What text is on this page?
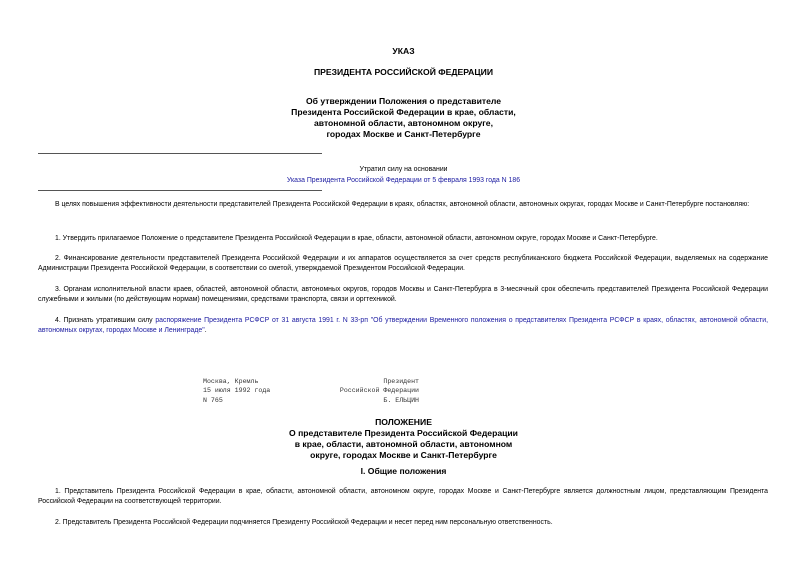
УКАЗ
ПРЕЗИДЕНТА РОССИЙСКОЙ ФЕДЕРАЦИИ
Об утверждении Положения о представителе
Президента Российской Федерации в крае, области,
автономной области, автономном округе,
городах Москве и Санкт-Петербурге
Утратил силу на основании
Указа Президента Российской Федерации от 5 февраля 1993 года N 186
В целях повышения эффективности деятельности представителей Президента Российской Федерации в краях, областях, автономной области, автономных округах, городах Москве и Санкт-Петербурге постановляю:
1. Утвердить прилагаемое Положение о представителе Президента Российской Федерации в крае, области, автономной области, автономном округе, городах Москве и Санкт-Петербурге.
2. Финансирование деятельности представителей Президента Российской Федерации и их аппаратов осуществляется за счет средств республиканского бюджета Российской Федерации, выделяемых на содержание Администрации Президента Российской Федерации, в соответствии со сметой, утверждаемой Президентом Российской Федерации.
3. Органам исполнительной власти краев, областей, автономной области, автономных округов, городов Москвы и Санкт-Петербурга в 3-месячный срок обеспечить представителей Президента Российской Федерации служебными и жилыми (по действующим нормам) помещениями, средствами транспорта, связи и оргтехникой.
4. Признать утратившим силу распоряжение Президента РСФСР от 31 августа 1991 г. N 33-рп "Об утверждении Временного положения о представителях Президента РСФСР в краях, областях, автономной области, автономных округах, городах Москве и Ленинграде".
Москва, Кремль
15 июля 1992 года
N 765
Президент
Российской Федерации
Б. ЕЛЬЦИН
ПОЛОЖЕНИЕ
О представителе Президента Российской Федерации
в крае, области, автономной области, автономном
округе, городах Москве и Санкт-Петербурге
I. Общие положения
1. Представитель Президента Российской Федерации в крае, области, автономной области, автономном округе, городах Москве и Санкт-Петербурге является должностным лицом, представляющим Президента Российской Федерации на соответствующей территории.
2. Представитель Президента Российской Федерации подчиняется Президенту Российской Федерации и несет перед ним персональную ответственность.
